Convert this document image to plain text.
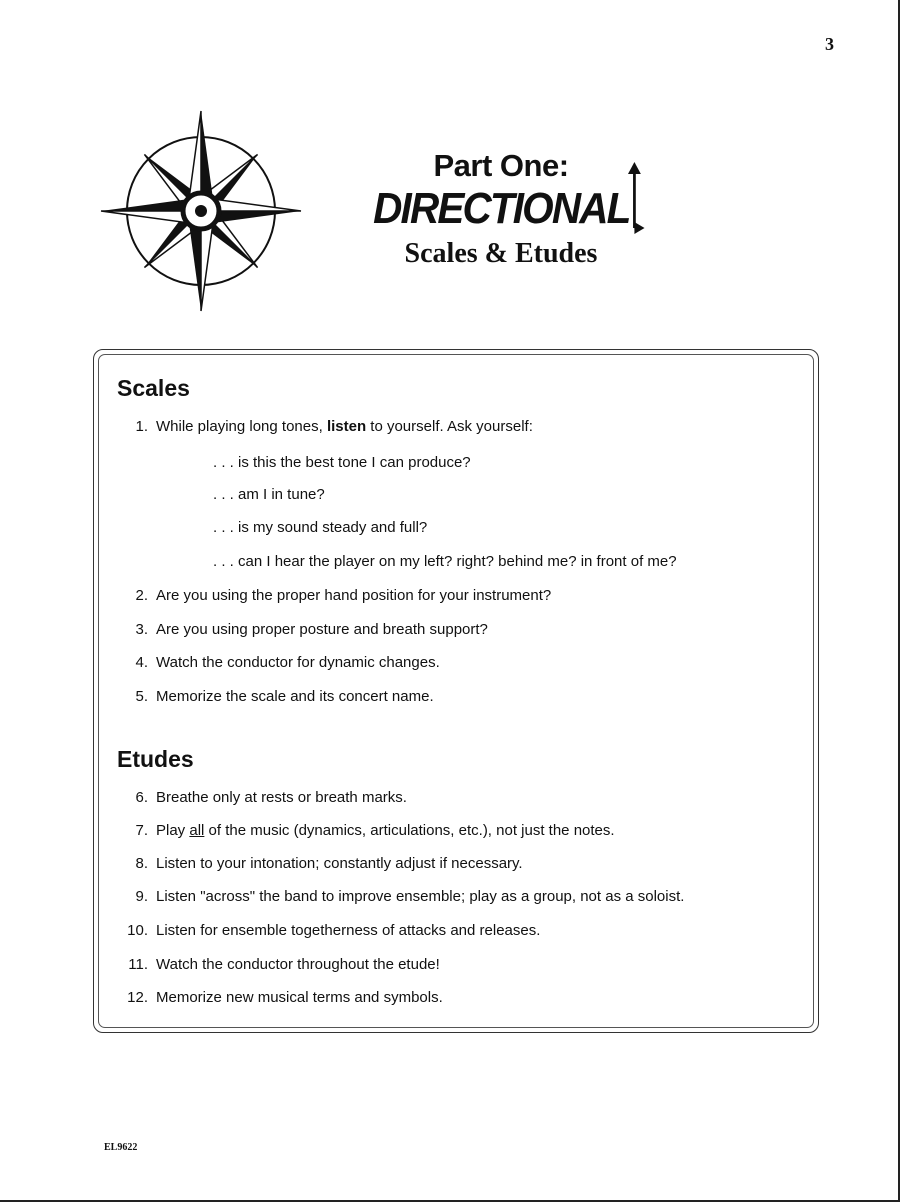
3
Part One:
DIRECTIONAL
Scales & Etudes
Scales
1. While playing long tones, listen to yourself. Ask yourself:
. . . is this the best tone I can produce?
. . . am I in tune?
. . . is my sound steady and full?
. . . can I hear the player on my left? right? behind me? in front of me?
2. Are you using the proper hand position for your instrument?
3. Are you using proper posture and breath support?
4. Watch the conductor for dynamic changes.
5. Memorize the scale and its concert name.
Etudes
6. Breathe only at rests or breath marks.
7. Play all of the music (dynamics, articulations, etc.), not just the notes.
8. Listen to your intonation; constantly adjust if necessary.
9. Listen "across" the band to improve ensemble; play as a group, not as a soloist.
10. Listen for ensemble togetherness of attacks and releases.
11. Watch the conductor throughout the etude!
12. Memorize new musical terms and symbols.
EL9622
